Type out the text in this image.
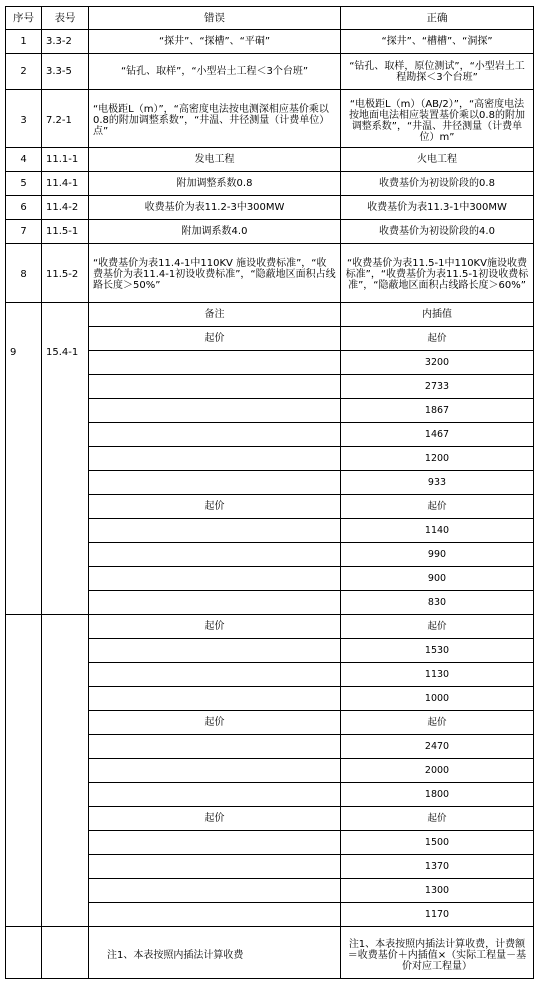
序号	表号	错误	正确
1	3.3-2	“探井”、“探槽”、“平硐”	“探井”、“槽槽”、“洞探”
2	3.3-5	“钻孔、取样”，“小型岩土工程＜3个台班”	“钻孔、取样，原位测试”，“小型岩土工程勘探＜3个台班”
3	7.2-1	“电极距L（m）”，“高密度电法按电测深相应基价乘以0.8的附加调整系数”，“井温、井径测量（计费单位）点”	“电极距L（m）（AB/2）”，“高密度电法按地面电法相应装置基价乘以0.8的附加调整系数”，“井温、井径测量（计费单位）m”
4	11.1-1	发电工程	火电工程
5	11.4-1	附加调整系数0.8	收费基价为初设阶段的0.8
6	11.4-2	收费基价为表11.2-3中300MW	收费基价为表11.3-1中300MW
7	11.5-1	附加调系数4.0	收费基价为初设阶段的4.0
8	11.5-2	“收费基价为表11.4-1中110KV 施设收费标准”，“收费基价为表11.4-1初设收费标准”，“隐蔽地区面积占线路长度＞50%”	“收费基价为表11.5-1中110KV施设收费标准”，“收费基价为表11.5-1初设收费标准”，“隐蔽地区面积占线路长度＞60%”
9	15.4-1	备注	内插值
		起价	起价
			3200
			2733
			1867
			1467
			1200
			933
		起价	起价
			1140
			990
			900
			830
		起价	起价
			1530
			1130
			1000
		起价	起价
			2470
			2000
			1800
		起价	起价
			1500
			1370
			1300
			1170
		注1、本表按照内插法计算收费	注1、本表按照内插法计算收费，计费额＝收费基价＋内插值×（实际工程量－基价对应工程量）
